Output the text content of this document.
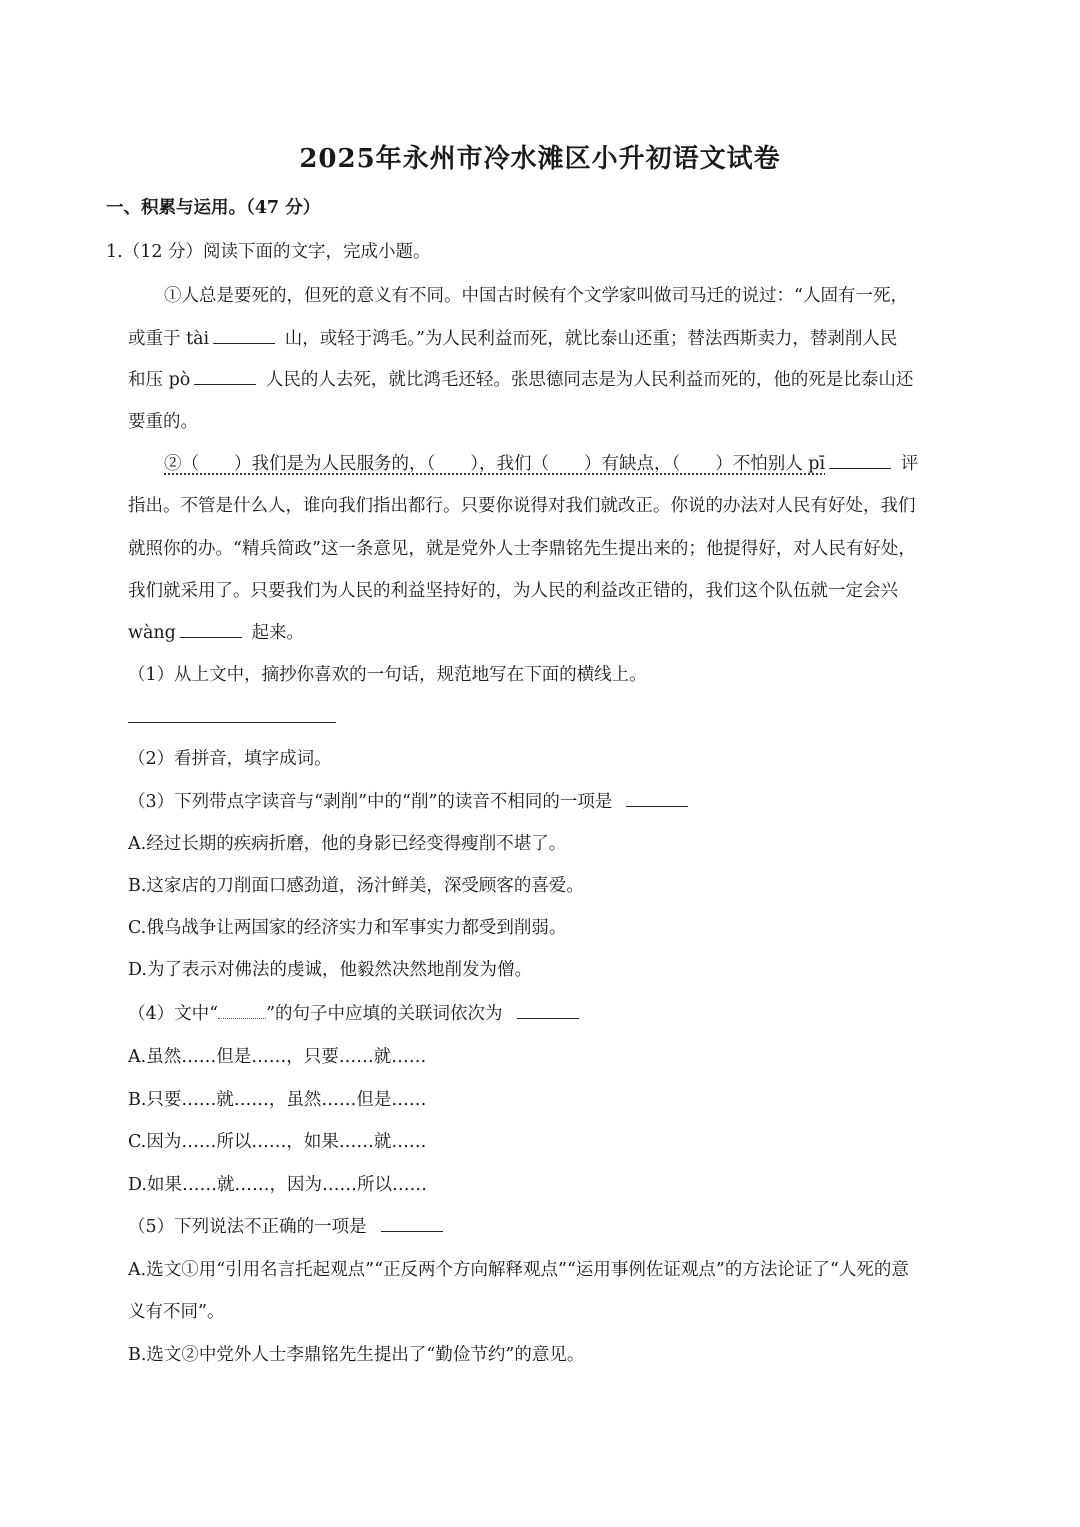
2025年永州市冷水滩区小升初语文试卷
一、积累与运用。（47 分）
1.（12 分）阅读下面的文字，完成小题。
①人总是要死的，但死的意义有不同。中国古时候有个文学家叫做司马迁的说过：“人固有一死，
或重于 tài	山，或轻于鸿毛。”为人民利益而死，就比泰山还重；替法西斯卖力，替剥削人民
和压 pò	人民的人去死，就比鸿毛还轻。张思德同志是为人民利益而死的，他的死是比泰山还
要重的。
②（　　）我们是为人民服务的，（　　），我们（　　）有缺点，（　　）不怕别人 pī	评
指出。不管是什么人，谁向我们指出都行。只要你说得对我们就改正。你说的办法对人民有好处，我们
就照你的办。“精兵简政”这一条意见，就是党外人士李鼎铭先生提出来的；他提得好，对人民有好处，
我们就采用了。只要我们为人民的利益坚持好的，为人民的利益改正错的，我们这个队伍就一定会兴
wàng	起来。
（1）从上文中，摘抄你喜欢的一句话，规范地写在下面的横线上。
（2）看拼音，填字成词。
（3）下列带点字读音与“剥削”中的“削”的读音不相同的一项是
A.经过长期的疾病折磨，他的身影已经变得瘦削不堪了。
B.这家店的刀削面口感劲道，汤汁鲜美，深受顾客的喜爱。
C.俄乌战争让两国家的经济实力和军事实力都受到削弱。
D.为了表示对佛法的虔诚，他毅然决然地削发为僧。
（4）文中“	”的句子中应填的关联词依次为
A.虽然……但是……，只要……就……
B.只要……就……，虽然……但是……
C.因为……所以……，如果……就……
D.如果……就……，因为……所以……
（5）下列说法不正确的一项是
A.选文①用“引用名言托起观点”“正反两个方向解释观点”“运用事例佐证观点”的方法论证了“人死的意
义有不同”。
B.选文②中党外人士李鼎铭先生提出了“勤俭节约”的意见。
